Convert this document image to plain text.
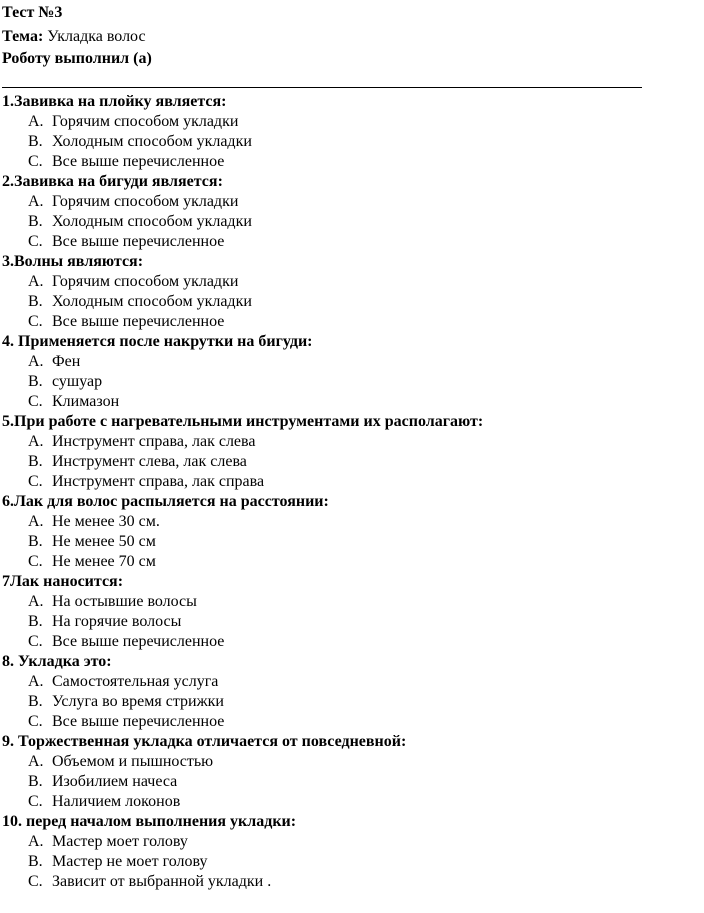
Тест №3
Тема: Укладка волос
Роботу выполнил (а)
1.Завивка на плойку является:
A. Горячим способом укладки
B. Холодным способом укладки
C. Все выше перечисленное
2.Завивка на бигуди является:
A. Горячим способом укладки
B. Холодным способом укладки
C. Все выше перечисленное
3.Волны являются:
A. Горячим способом укладки
B. Холодным способом укладки
C. Все выше перечисленное
4. Применяется после накрутки на бигуди:
A. Фен
B. сушуар
C. Климазон
5.При работе с нагревательными инструментами их располагают:
A. Инструмент справа, лак слева
B. Инструмент слева, лак слева
C. Инструмент справа, лак справа
6.Лак для волос распыляется на расстоянии:
A. Не менее 30 см.
B. Не менее 50 см
C. Не менее 70 см
7Лак наносится:
A. На остывшие волосы
B. На горячие волосы
C. Все выше перечисленное
8. Укладка это:
A. Самостоятельная услуга
B. Услуга во время стрижки
C. Все выше перечисленное
9. Торжественная укладка отличается от повседневной:
A. Объемом и пышностью
B. Изобилием начеса
C. Наличием локонов
10. перед началом выполнения укладки:
A. Мастер моет голову
B. Мастер не моет голову
C. Зависит от выбранной укладки .
